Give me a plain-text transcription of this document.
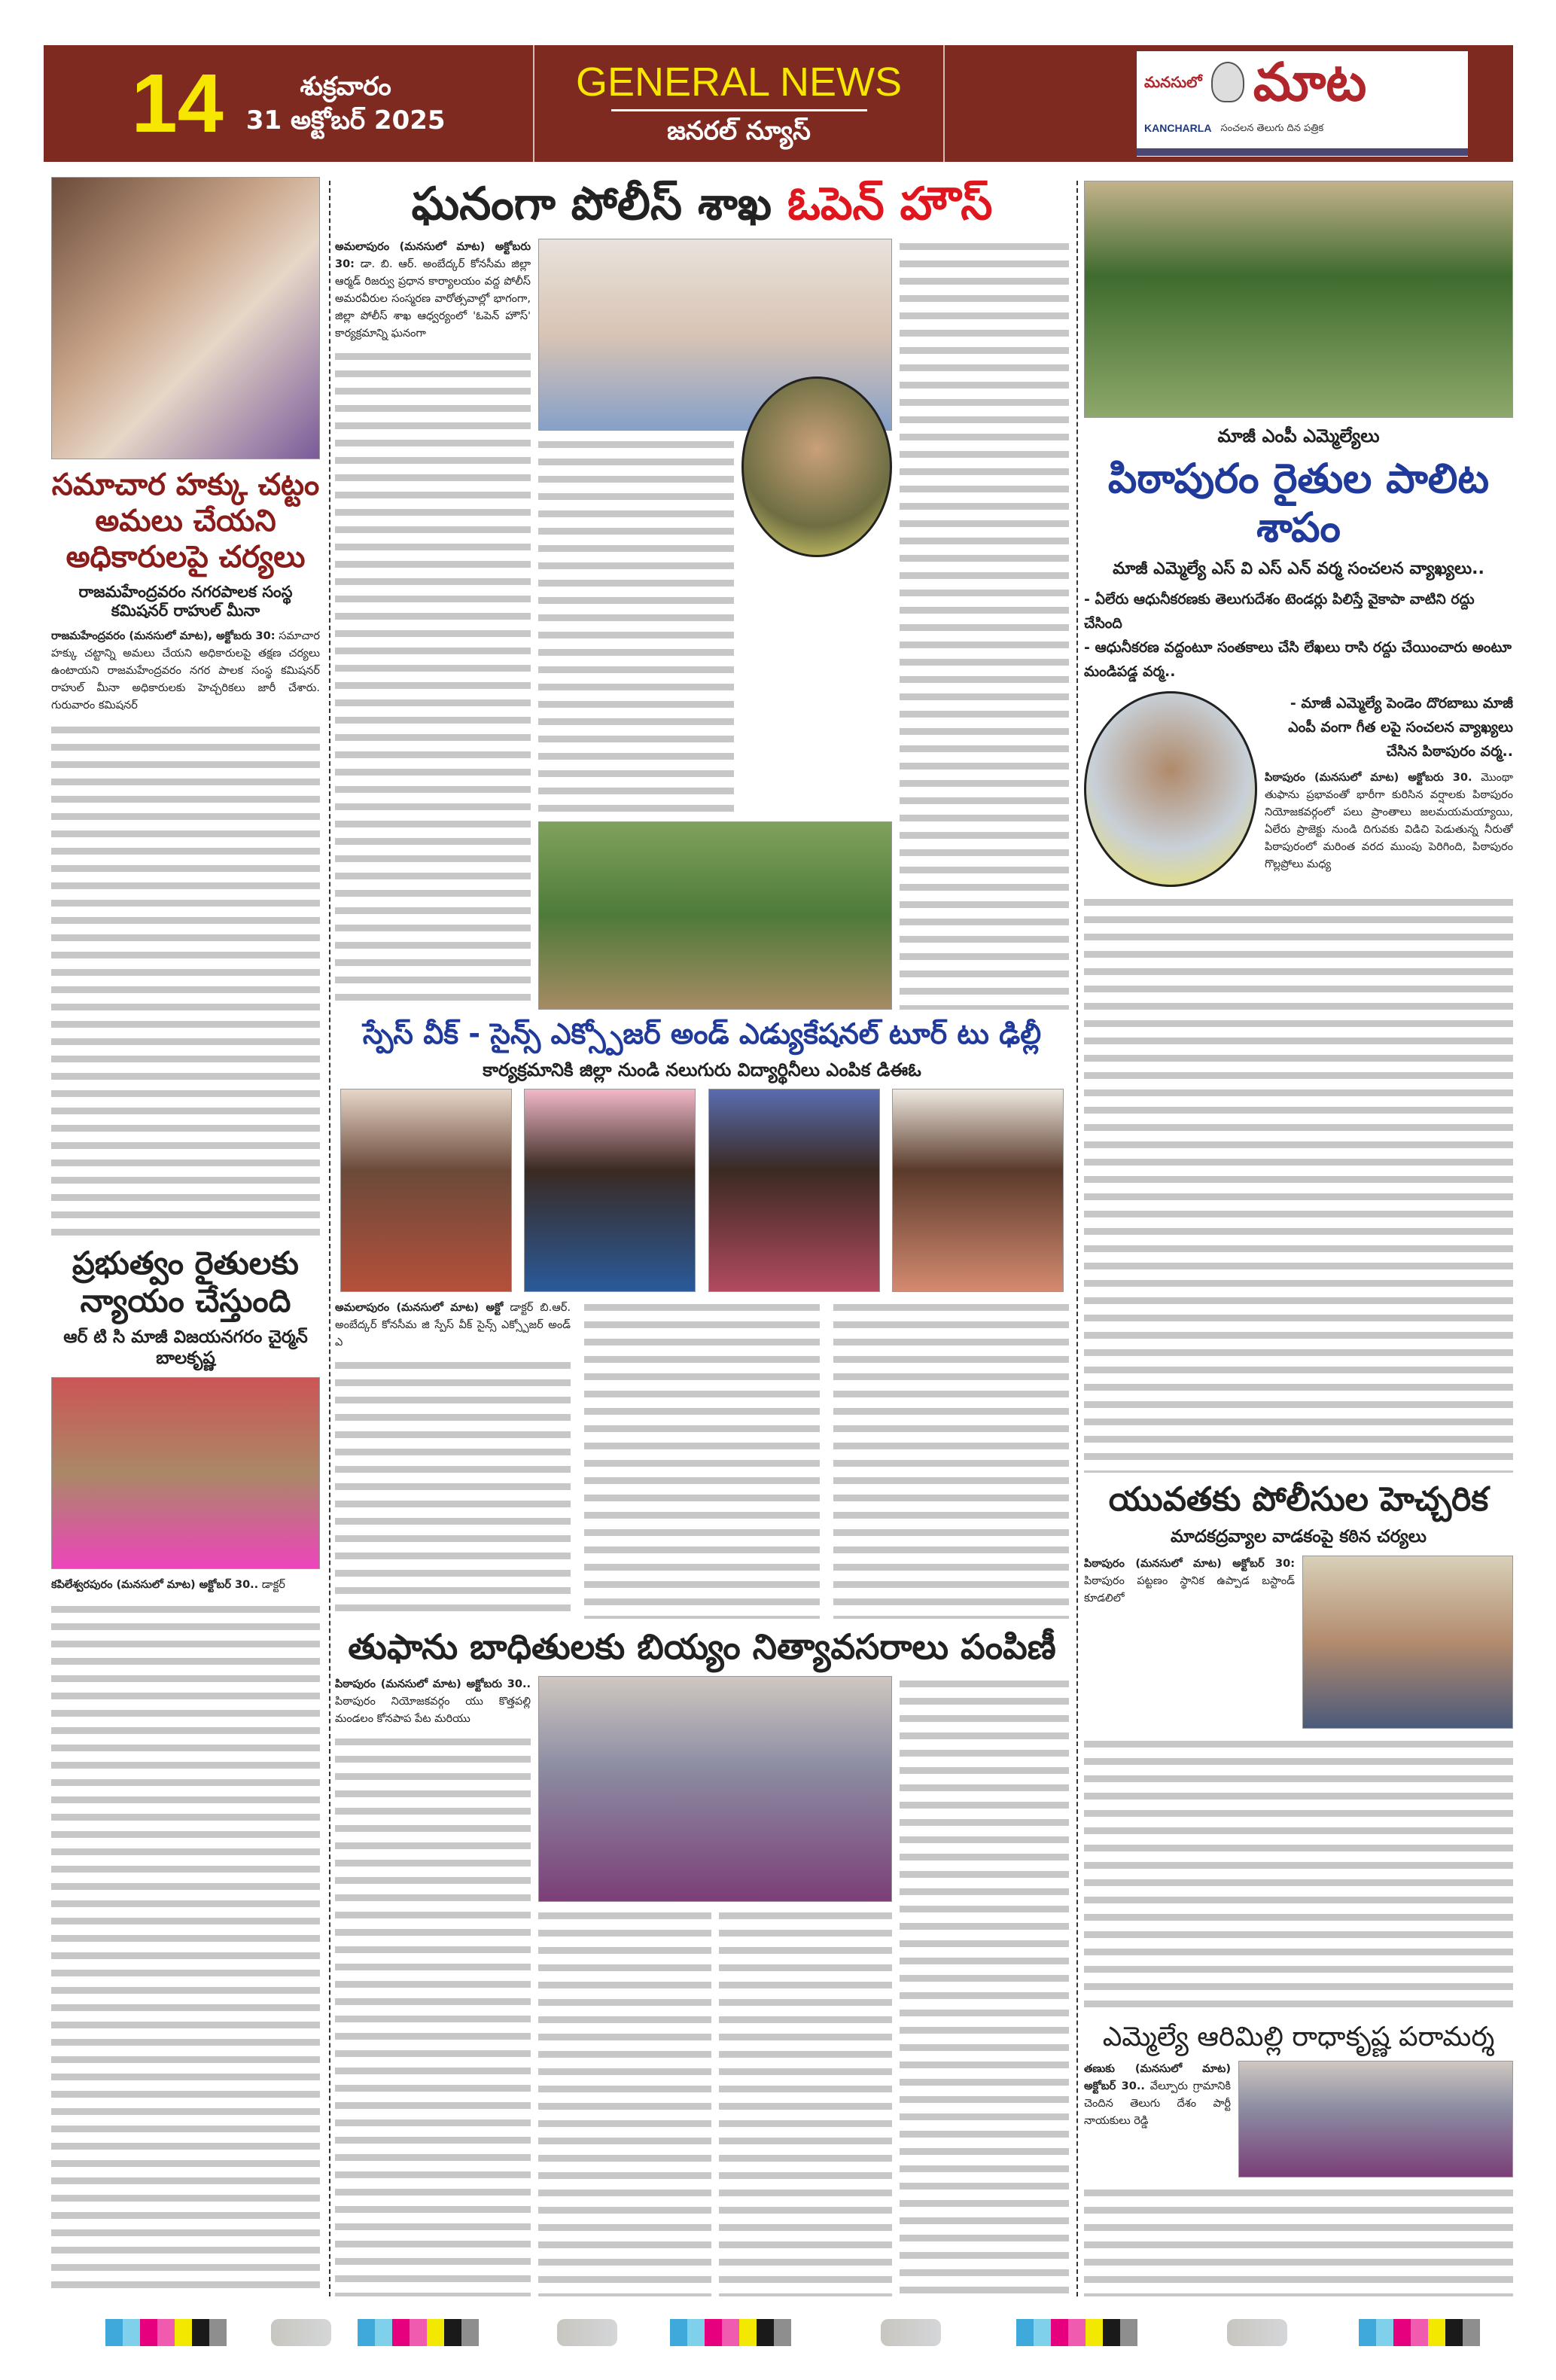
14	శుక్రవారం
31 అక్టోబర్ 2025
GENERAL NEWS
జనరల్ న్యూస్
మనసులో మాట
KANCHARLA సంచలన తెలుగు దిన పత్రిక
సమాచార హక్కు చట్టం అమలు చేయని అధికారులపై చర్యలు
రాజమహేంద్రవరం నగరపాలక సంస్థ కమిషనర్ రాహుల్ మీనా
రాజమహేంద్రవరం (మనసులో మాట), అక్టోబరు 30: సమాచార హక్కు చట్టాన్ని అమలు చేయని అధికారులపై తక్షణ చర్యలు ఉంటాయని రాజమహేంద్రవరం నగర పాలక సంస్థ కమిషనర్ రాహుల్ మీనా అధికారులకు హెచ్చరికలు జారీ చేశారు. గురువారం కమిషనర్
ప్రభుత్వం రైతులకు న్యాయం చేస్తుంది
ఆర్ టి సి మాజీ విజయనగరం చైర్మన్ బాలకృష్ణ
కపిలేశ్వరపురం (మనసులో మాట) అక్టోబర్ 30.. డాక్టర్
ఘనంగా పోలీస్ శాఖ ఓపెన్ హౌస్
అమలాపురం (మనసులో మాట) అక్టోబరు 30: డా. బి. ఆర్. అంబేద్కర్ కోనసీమ జిల్లా ఆర్మడ్ రిజర్వు ప్రధాన కార్యాలయం వద్ద పోలీస్ అమరవీరుల సంస్మరణ వారోత్సవాల్లో భాగంగా, జిల్లా పోలీస్ శాఖ ఆధ్వర్యంలో 'ఓపెన్ హౌస్' కార్యక్రమాన్ని ఘనంగా
స్పేస్ వీక్ - సైన్స్ ఎక్స్పోజర్ అండ్ ఎడ్యుకేషనల్ టూర్ టు ఢిల్లీ
కార్యక్రమానికి జిల్లా నుండి నలుగురు విద్యార్థినీలు ఎంపిక డిఈఓ
అమలాపురం (మనసులో మాట) అక్టో డాక్టర్ బి.ఆర్. అంబేద్కర్ కోనసీమ జి స్పేస్ వీక్ సైన్స్ ఎక్స్పోజర్ అండ్ ఎ
తుఫాను బాధితులకు బియ్యం నిత్యావసరాలు పంపిణీ
పిఠాపురం (మనసులో మాట) అక్టోబరు 30.. పిఠాపురం నియోజకవర్గం యు కొత్తపల్లి మండలం కోనపాప పేట మరియు
మాజీ ఎంపీ ఎమ్మెల్యేలు
పిఠాపురం రైతుల పాలిట శాపం
మాజీ ఎమ్మెల్యే ఎస్ వి ఎస్ ఎన్ వర్మ సంచలన వ్యాఖ్యలు..
- ఏలేరు ఆధునీకరణకు తెలుగుదేశం టెండర్లు పిలిస్తే వైకాపా వాటిని రద్దు చేసింది
- ఆధునీకరణ వద్దంటూ సంతకాలు చేసి లేఖలు రాసి రద్దు చేయించారు అంటూ మండిపడ్డ వర్మ..
- మాజీ ఎమ్మెల్యే పెండెం దొరబాబు మాజీ ఎంపీ వంగా గీత లపై సంచలన వ్యాఖ్యలు చేసిన పిఠాపురం వర్మ..
పిఠాపురం (మనసులో మాట) అక్టోబరు 30. మొంథా తుఫాను ప్రభావంతో భారీగా కురిసిన వర్షాలకు పిఠాపురం నియోజకవర్గంలో పలు ప్రాంతాలు జలమయమయ్యాయి, ఏలేరు ప్రాజెక్టు నుండి దిగువకు విడిచి పెడుతున్న నీరుతో పిఠాపురంలో మరింత వరద ముంపు పెరిగింది, పిఠాపురం గొల్లప్రోలు మధ్య
యువతకు పోలీసుల హెచ్చరిక
మాదకద్రవ్యాల వాడకంపై కఠిన చర్యలు
పిఠాపురం (మనసులో మాట) అక్టోబర్ 30: పిఠాపురం పట్టణం స్థానిక ఉప్పాడ బస్టాండ్ కూడలిలో
ఎమ్మెల్యే ఆరిమిల్లి రాధాకృష్ణ పరామర్శ
తణుకు (మనసులో మాట) అక్టోబర్ 30.. వేల్పూరు గ్రామానికి చెందిన తెలుగు దేశం పార్టీ నాయకులు రెడ్డి
